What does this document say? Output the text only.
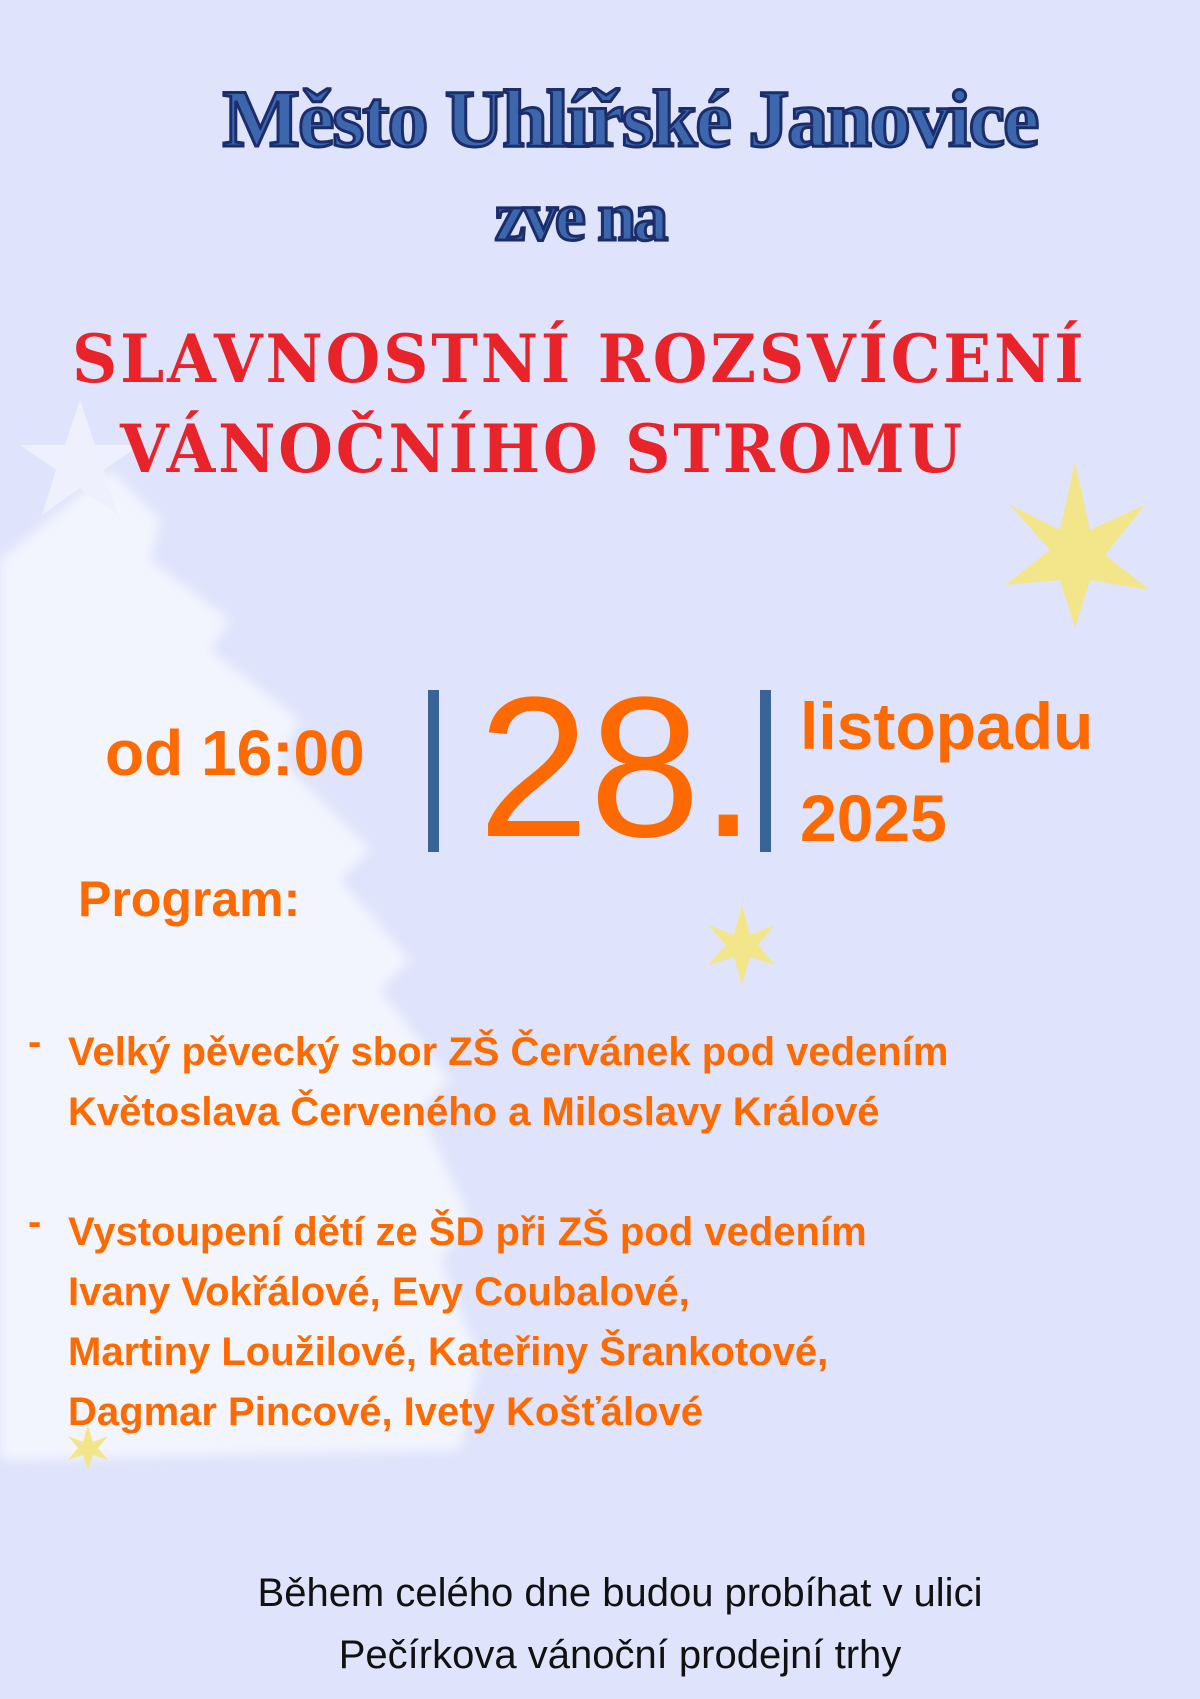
Město Uhlířské Janovice
zve na
SLAVNOSTNÍ ROZSVÍCENÍ
VÁNOČNÍHO STROMU
od 16:00 28. listopadu
2025
Program:
- Velký pěvecký sbor ZŠ Červánek pod vedením
Květoslava Červeného a Miloslavy Králové
- Vystoupení dětí ze ŠD při ZŠ pod vedením
Ivany Vokřálové, Evy Coubalové,
Martiny Loužilové, Kateřiny Šrankotové,
Dagmar Pincové, Ivety Košťálové
Během celého dne budou probíhat v ulici
Pečírkova vánoční prodejní trhy
